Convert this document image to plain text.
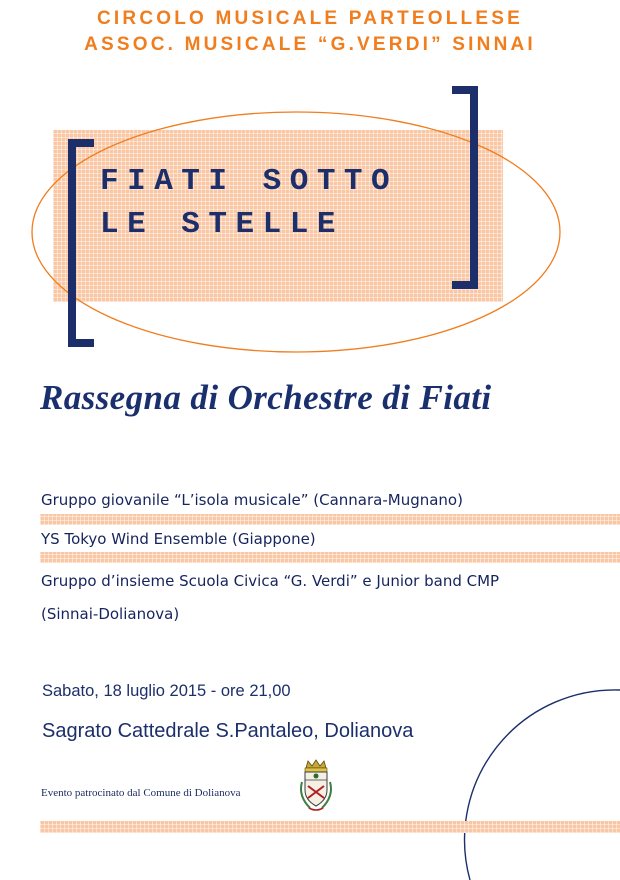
CIRCOLO MUSICALE PARTEOLLESE
ASSOC. MUSICALE “G.VERDI” SINNAI
FIATI SOTTO
LE STELLE
Rassegna di Orchestre di Fiati
Gruppo giovanile “L’isola musicale” (Cannara-Mugnano)
YS Tokyo Wind Ensemble (Giappone)
Gruppo d’insieme Scuola Civica “G. Verdi” e Junior band CMP
(Sinnai-Dolianova)
Sabato, 18 luglio 2015 - ore 21,00
Sagrato Cattedrale S.Pantaleo, Dolianova
Evento patrocinato dal Comune di Dolianova
